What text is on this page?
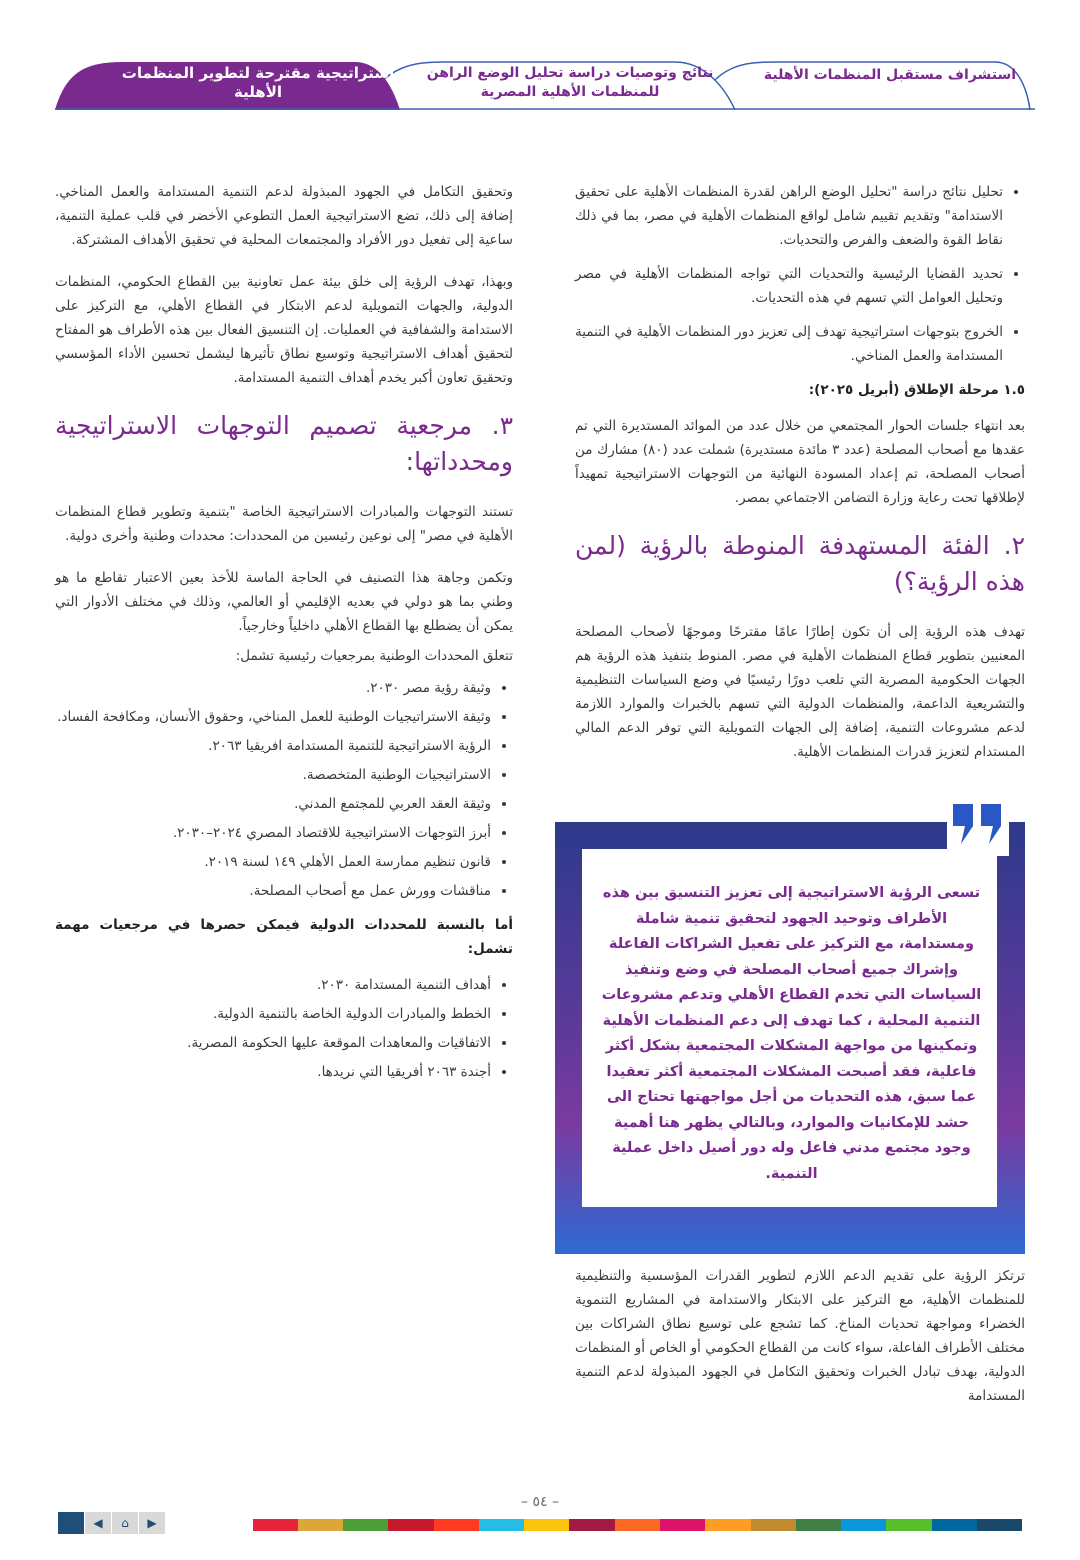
استراتيجية مقترحة لتطوير المنظمات الأهلية
نتائج وتوصيات دراسة تحليل الوضع الراهن للمنظمات الأهلية المصرية
استشراف مستقبل المنظمات الأهلية
• تحليل نتائج دراسة "تحليل الوضع الراهن لقدرة المنظمات الأهلية على تحقيق الاستدامة" وتقديم تقييم شامل لواقع المنظمات الأهلية في مصر، بما في ذلك نقاط القوة والضعف والفرص والتحديات.
• تحديد القضايا الرئيسية والتحديات التي تواجه المنظمات الأهلية في مصر وتحليل العوامل التي تسهم في هذه التحديات.
• الخروج بتوجهات استراتيجية تهدف إلى تعزيز دور المنظمات الأهلية في التنمية المستدامة والعمل المناخي.
١.٥ مرحلة الإطلاق (أبريل ٢٠٢٥):

بعد انتهاء جلسات الحوار المجتمعي من خلال عدد من الموائد المستديرة التي تم عقدها مع أصحاب المصلحة (عدد ٣ مائدة مستديرة) شملت عدد (٨٠) مشارك من أصحاب المصلحة، تم إعداد المسودة النهائية من التوجهات الاستراتيجية تمهيداً لإطلاقها تحت رعاية وزارة التضامن الاجتماعي بمصر.

٢. الفئة المستهدفة المنوطة بالرؤية (لمن هذه الرؤية؟)

تهدف هذه الرؤية إلى أن تكون إطارًا عامًا مقترحًا وموجهًا لأصحاب المصلحة المعنيين بتطوير قطاع المنظمات الأهلية في مصر. المنوط بتنفيذ هذه الرؤية هم الجهات الحكومية المصرية التي تلعب دورًا رئيسيًا في وضع السياسات التنظيمية والتشريعية الداعمة، والمنظمات الدولية التي تسهم بالخبرات والموارد اللازمة لدعم مشروعات التنمية، إضافة إلى الجهات التمويلية التي توفر الدعم المالي المستدام لتعزيز قدرات المنظمات الأهلية.

تسعى الرؤية الاستراتيجية إلى تعزيز التنسيق بين هذه الأطراف وتوحيد الجهود لتحقيق تنمية شاملة ومستدامة، مع التركيز على تفعيل الشراكات الفاعلة وإشراك جميع أصحاب المصلحة في وضع وتنفيذ السياسات التي تخدم القطاع الأهلي وتدعم مشروعات التنمية المحلية ، كما تهدف إلى دعم المنظمات الأهلية وتمكينها من مواجهة المشكلات المجتمعية بشكل أكثر فاعلية، فقد أصبحت المشكلات المجتمعية أكثر تعقيدا عما سبق، هذه التحديات من أجل مواجهتها تحتاج الى حشد للإمكانيات والموارد، وبالتالي يظهر هنا أهمية وجود مجتمع مدني فاعل وله دور أصيل داخل عملية التنمية.
ترتكز الرؤية على تقديم الدعم اللازم لتطوير القدرات المؤسسية والتنظيمية للمنظمات الأهلية، مع التركيز على الابتكار والاستدامة في المشاريع التنموية الخضراء ومواجهة تحديات المناخ. كما تشجع على توسيع نطاق الشراكات بين مختلف الأطراف الفاعلة، سواء كانت من القطاع الحكومي أو الخاص أو المنظمات الدولية، بهدف تبادل الخبرات وتحقيق التكامل في الجهود المبذولة لدعم التنمية المستدامة

وتحقيق التكامل في الجهود المبذولة لدعم التنمية المستدامة والعمل المناخي. إضافة إلى ذلك، تضع الاستراتيجية العمل التطوعي الأخضر في قلب عملية التنمية، ساعية إلى تفعيل دور الأفراد والمجتمعات المحلية في تحقيق الأهداف المشتركة.

وبهذا، تهدف الرؤية إلى خلق بيئة عمل تعاونية بين القطاع الحكومي، المنظمات الدولية، والجهات التمويلية لدعم الابتكار في القطاع الأهلي، مع التركيز على الاستدامة والشفافية في العمليات. إن التنسيق الفعال بين هذه الأطراف هو المفتاح لتحقيق أهداف الاستراتيجية وتوسيع نطاق تأثيرها ليشمل تحسين الأداء المؤسسي وتحقيق تعاون أكبر يخدم أهداف التنمية المستدامة.

٣. مرجعية تصميم التوجهات الاستراتيجية ومحدداتها:

تستند التوجهات والمبادرات الاستراتيجية الخاصة "بتنمية وتطوير قطاع المنظمات الأهلية في مصر" إلى نوعين رئيسين من المحددات: محددات وطنية وأخرى دولية.

وتكمن وجاهة هذا التصنيف في الحاجة الماسة للأخذ بعين الاعتبار تقاطع ما هو وطني بما هو دولي في بعديه الإقليمي أو العالمي، وذلك في مختلف الأدوار التي يمكن أن يضطلع بها القطاع الأهلي داخلياً وخارجياً.

تتعلق المحددات الوطنية بمرجعيات رئيسية تشمل:

• وثيقة رؤية مصر ٢٠٣٠.
• وثيقة الاستراتيجيات الوطنية للعمل المناخي، وحقوق الأنسان، ومكافحة الفساد.
• الرؤية الاستراتيجية للتنمية المستدامة افريقيا ٢٠٦٣.
• الاستراتيجيات الوطنية المتخصصة.
• وثيقة العقد العربي للمجتمع المدني.
• أبرز التوجهات الاستراتيجية للاقتصاد المصري ٢٠٢٤–٢٠٣٠.
• قانون تنظيم ممارسة العمل الأهلي ١٤٩ لسنة ٢٠١٩.
• مناقشات وورش عمل مع أصحاب المصلحة.
أما بالنسبة للمحددات الدولية فيمكن حصرها في مرجعيات مهمة تشمل:
• أهداف التنمية المستدامة ٢٠٣٠.
• الخطط والمبادرات الدولية الخاصة بالتنمية الدولية.
• الاتفاقيات والمعاهدات الموقعة عليها الحكومة المصرية.
• أجندة ٢٠٦٣ أفريقيا التي نريدها.
– ٥٤ –
◀	⌂	▶
